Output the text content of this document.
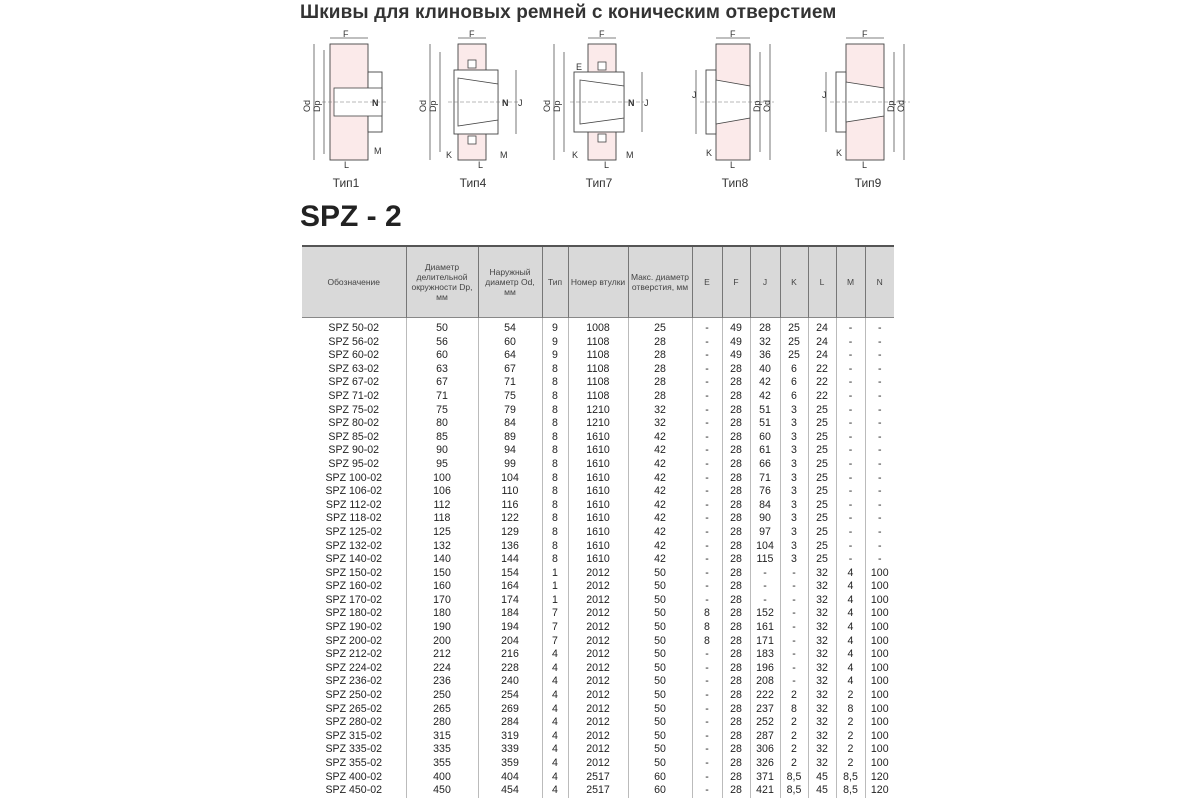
Шкивы для клиновых ремней с коническим отверстием
F
Od Dp	N
L
M
Тип1
F
Od Dp	N J
K
L
M
Тип4
F
E
Od Dp	N J
K
L
M
Тип7
F
J
Dp Od
K
L
Тип8
F
J
Dp Od
K
L
Тип9
SPZ - 2
Обозначение	Диаметр делительной окружности Dp, мм	Наружный диаметр Od, мм	Тип	Номер втулки	Макс. диаметр отверстия, мм	E	F	J	K	L	M	N

SPZ 50-02	50	54	9	1008	25	-	49	28	25	24	-	-
SPZ 56-02	56	60	9	1108	28	-	49	32	25	24	-	-
SPZ 60-02	60	64	9	1108	28	-	49	36	25	24	-	-
SPZ 63-02	63	67	8	1108	28	-	28	40	6	22	-	-
SPZ 67-02	67	71	8	1108	28	-	28	42	6	22	-	-
SPZ 71-02	71	75	8	1108	28	-	28	42	6	22	-	-
SPZ 75-02	75	79	8	1210	32	-	28	51	3	25	-	-
SPZ 80-02	80	84	8	1210	32	-	28	51	3	25	-	-
SPZ 85-02	85	89	8	1610	42	-	28	60	3	25	-	-
SPZ 90-02	90	94	8	1610	42	-	28	61	3	25	-	-
SPZ 95-02	95	99	8	1610	42	-	28	66	3	25	-	-
SPZ 100-02	100	104	8	1610	42	-	28	71	3	25	-	-
SPZ 106-02	106	110	8	1610	42	-	28	76	3	25	-	-
SPZ 112-02	112	116	8	1610	42	-	28	84	3	25	-	-
SPZ 118-02	118	122	8	1610	42	-	28	90	3	25	-	-
SPZ 125-02	125	129	8	1610	42	-	28	97	3	25	-	-
SPZ 132-02	132	136	8	1610	42	-	28	104	3	25	-	-
SPZ 140-02	140	144	8	1610	42	-	28	115	3	25	-	-
SPZ 150-02	150	154	1	2012	50	-	28	-	-	32	4	100
SPZ 160-02	160	164	1	2012	50	-	28	-	-	32	4	100
SPZ 170-02	170	174	1	2012	50	-	28	-	-	32	4	100
SPZ 180-02	180	184	7	2012	50	8	28	152	-	32	4	100
SPZ 190-02	190	194	7	2012	50	8	28	161	-	32	4	100
SPZ 200-02	200	204	7	2012	50	8	28	171	-	32	4	100
SPZ 212-02	212	216	4	2012	50	-	28	183	-	32	4	100
SPZ 224-02	224	228	4	2012	50	-	28	196	-	32	4	100
SPZ 236-02	236	240	4	2012	50	-	28	208	-	32	4	100
SPZ 250-02	250	254	4	2012	50	-	28	222	2	32	2	100
SPZ 265-02	265	269	4	2012	50	-	28	237	8	32	8	100
SPZ 280-02	280	284	4	2012	50	-	28	252	2	32	2	100
SPZ 315-02	315	319	4	2012	50	-	28	287	2	32	2	100
SPZ 335-02	335	339	4	2012	50	-	28	306	2	32	2	100
SPZ 355-02	355	359	4	2012	50	-	28	326	2	32	2	100
SPZ 400-02	400	404	4	2517	60	-	28	371	8,5	45	8,5	120
SPZ 450-02	450	454	4	2517	60	-	28	421	8,5	45	8,5	120
